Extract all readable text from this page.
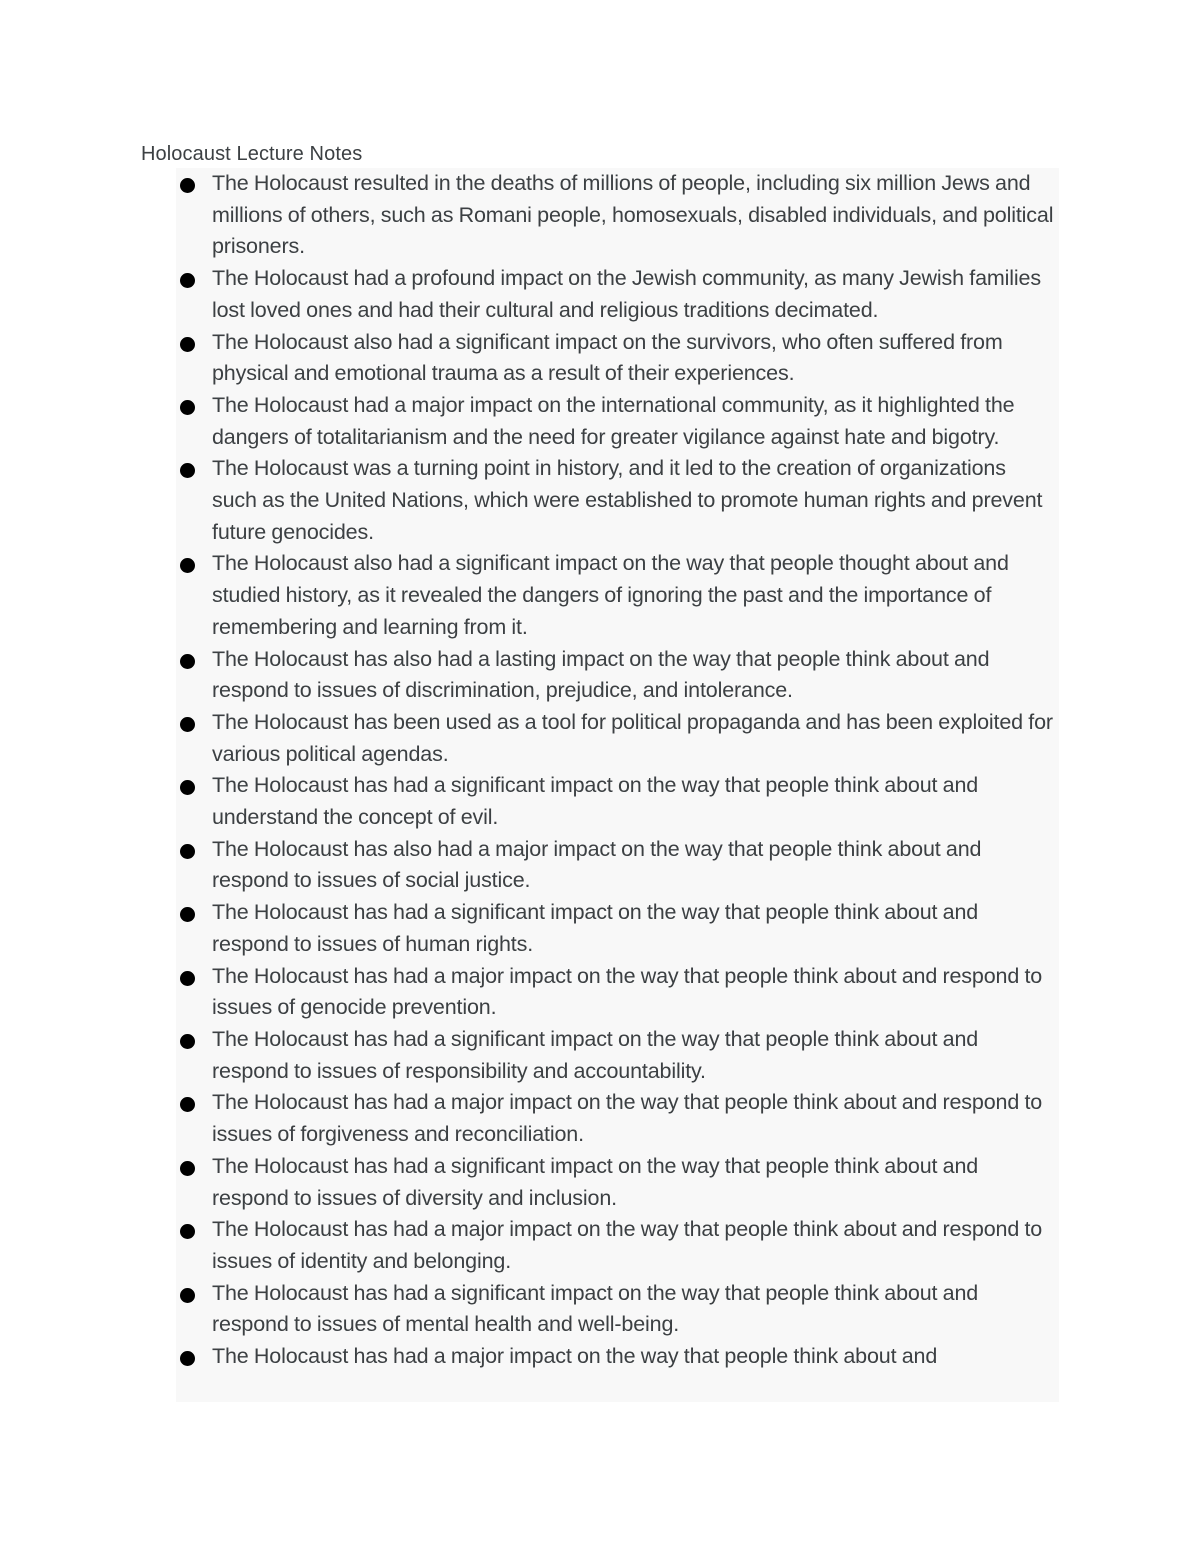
Holocaust Lecture Notes
The Holocaust resulted in the deaths of millions of people, including six million Jews and millions of others, such as Romani people, homosexuals, disabled individuals, and political prisoners.
The Holocaust had a profound impact on the Jewish community, as many Jewish families lost loved ones and had their cultural and religious traditions decimated.
The Holocaust also had a significant impact on the survivors, who often suffered from physical and emotional trauma as a result of their experiences.
The Holocaust had a major impact on the international community, as it highlighted the dangers of totalitarianism and the need for greater vigilance against hate and bigotry.
The Holocaust was a turning point in history, and it led to the creation of organizations such as the United Nations, which were established to promote human rights and prevent future genocides.
The Holocaust also had a significant impact on the way that people thought about and studied history, as it revealed the dangers of ignoring the past and the importance of remembering and learning from it.
The Holocaust has also had a lasting impact on the way that people think about and respond to issues of discrimination, prejudice, and intolerance.
The Holocaust has been used as a tool for political propaganda and has been exploited for various political agendas.
The Holocaust has had a significant impact on the way that people think about and understand the concept of evil.
The Holocaust has also had a major impact on the way that people think about and respond to issues of social justice.
The Holocaust has had a significant impact on the way that people think about and respond to issues of human rights.
The Holocaust has had a major impact on the way that people think about and respond to issues of genocide prevention.
The Holocaust has had a significant impact on the way that people think about and respond to issues of responsibility and accountability.
The Holocaust has had a major impact on the way that people think about and respond to issues of forgiveness and reconciliation.
The Holocaust has had a significant impact on the way that people think about and respond to issues of diversity and inclusion.
The Holocaust has had a major impact on the way that people think about and respond to issues of identity and belonging.
The Holocaust has had a significant impact on the way that people think about and respond to issues of mental health and well-being.
The Holocaust has had a major impact on the way that people think about and
